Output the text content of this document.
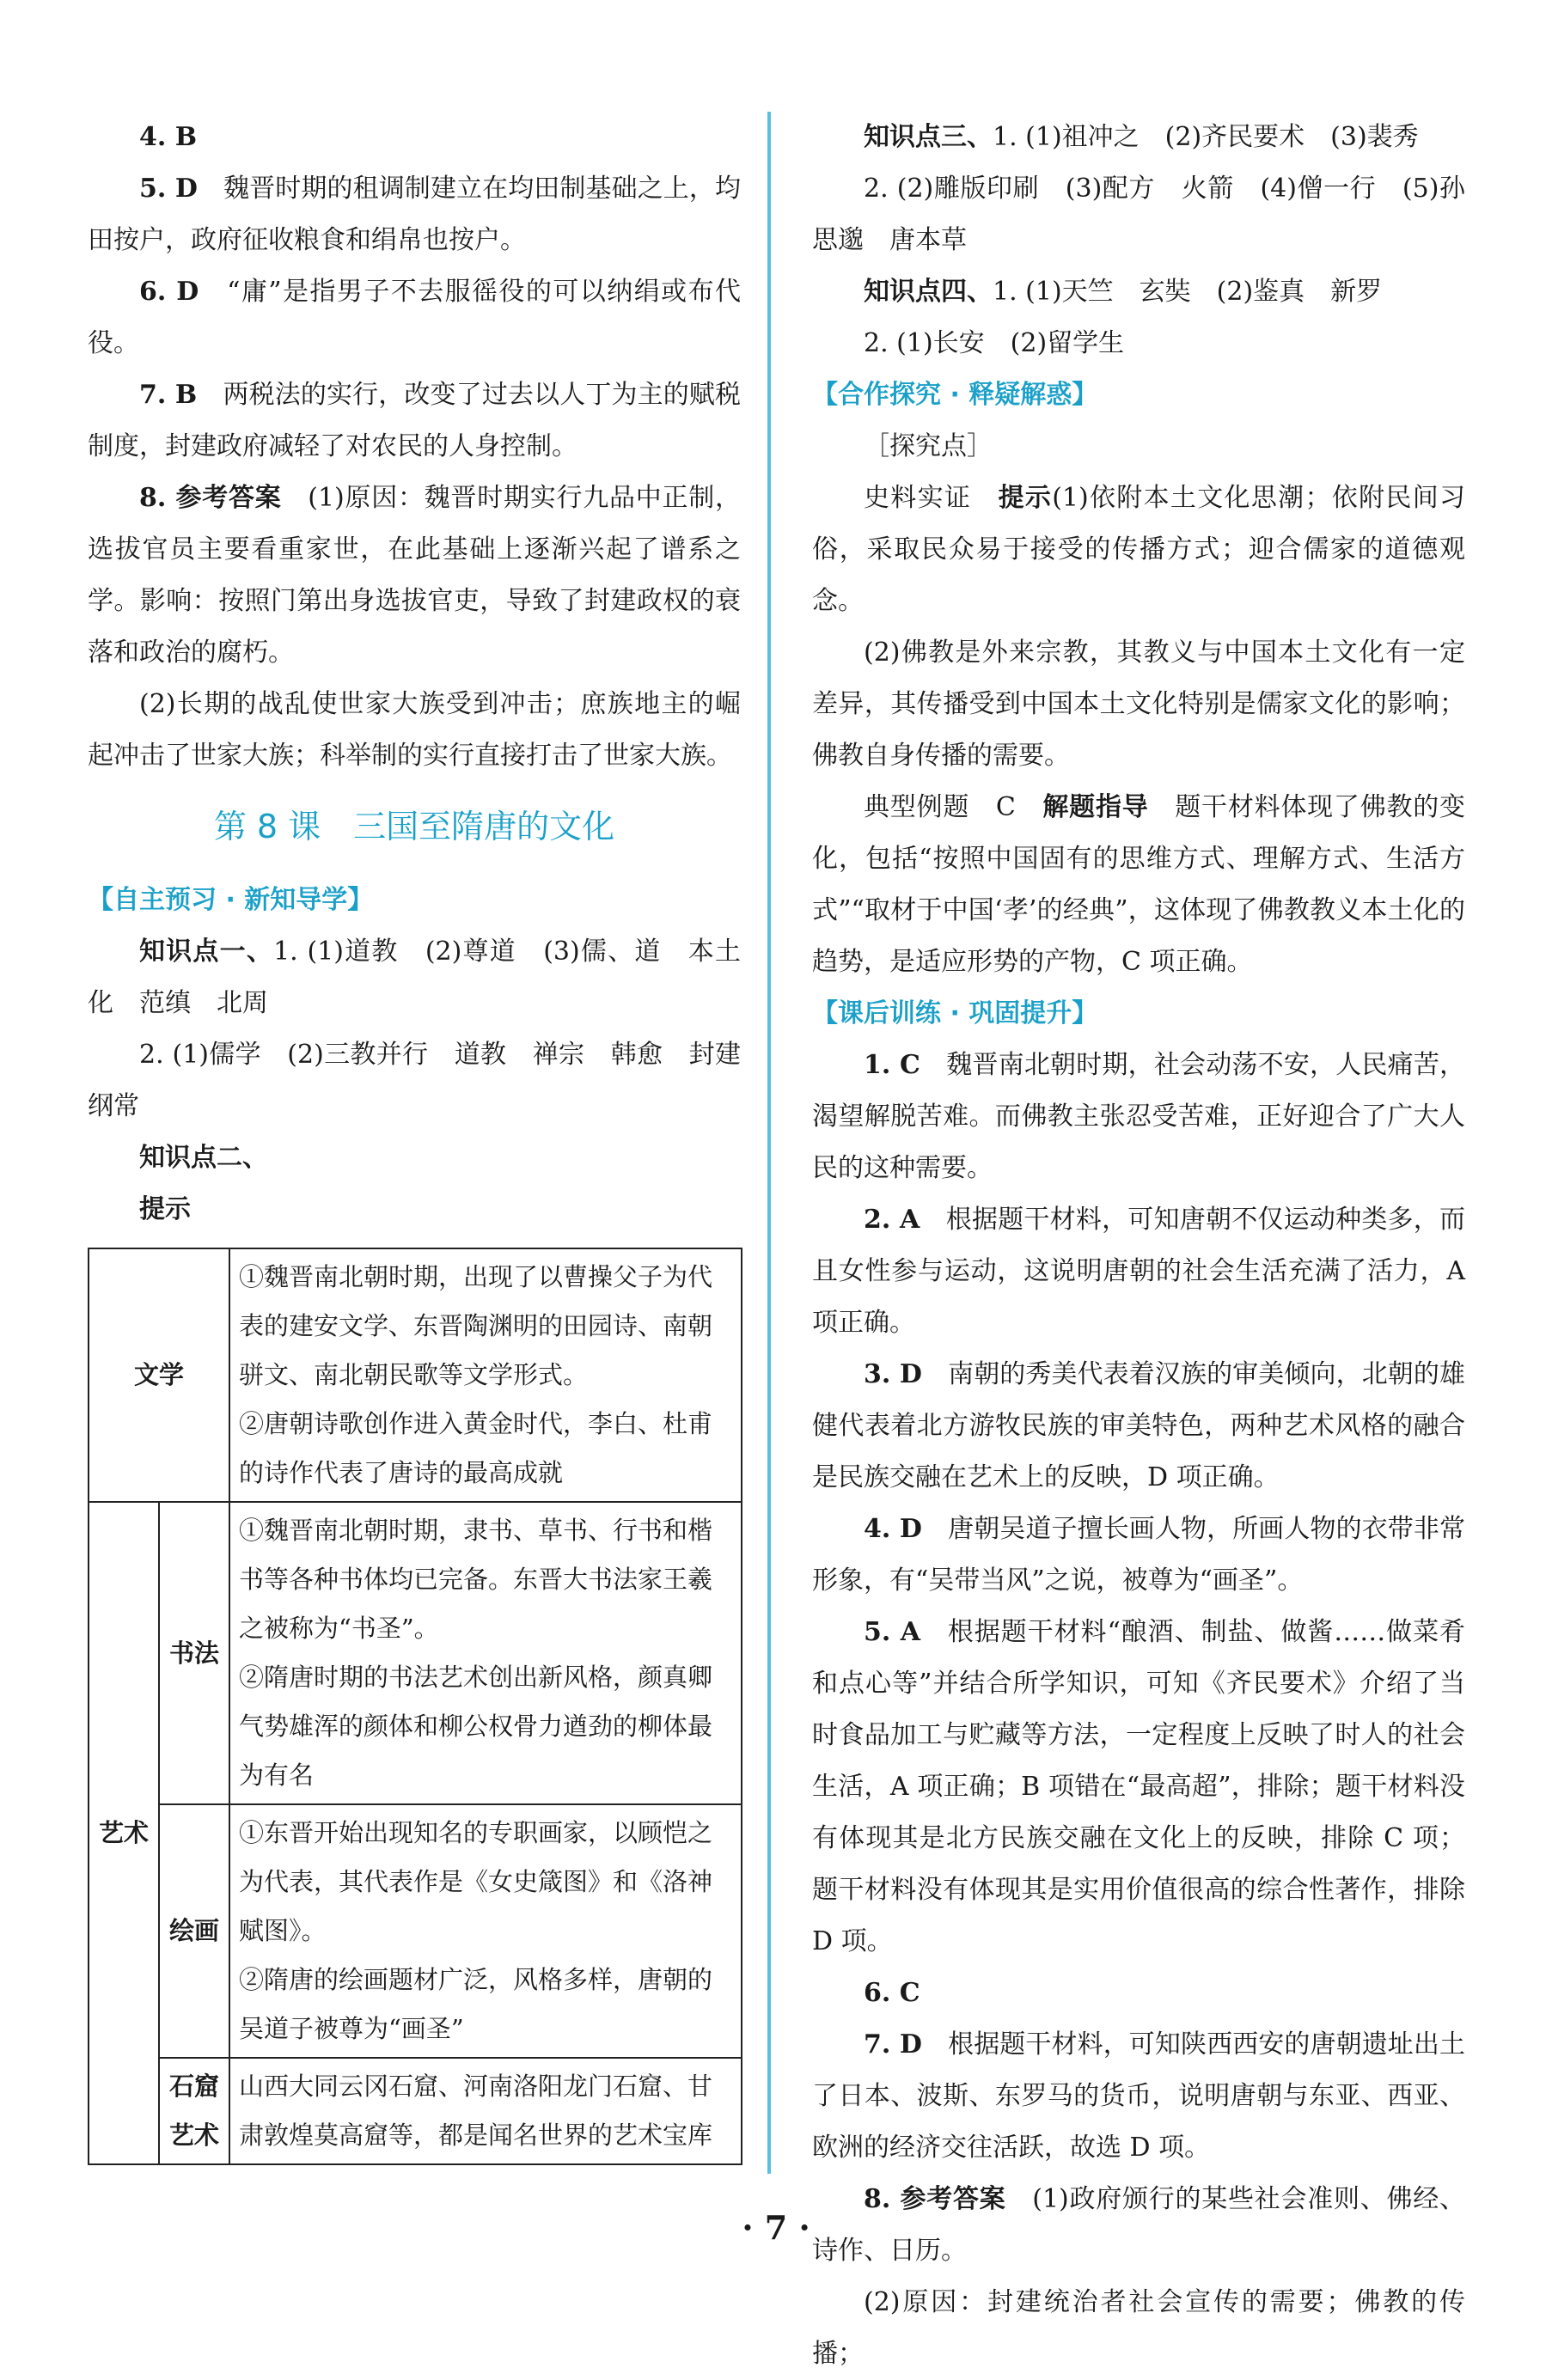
4. B

5. D　 魏晋时期的租调制建立在均田制基础之上，均田按户，政府征收粮食和绢帛也按户。

6. D　 “庸”是指男子不去服徭役的可以纳绢或布代役。

7. B　 两税法的实行，改变了过去以人丁为主的赋税制度，封建政府减轻了对农民的人身控制。

8. 参考答案　 (1)原因：魏晋时期实行九品中正制，选拔官员主要看重家世，在此基础上逐渐兴起了谱系之学。影响：按照门第出身选拔官吏，导致了封建政权的衰落和政治的腐朽。

(2)长期的战乱使世家大族受到冲击；庶族地主的崛起冲击了世家大族；科举制的实行直接打击了世家大族。

第 8 课　三国至隋唐的文化
【自主预习 · 新知导学】

知识点一、1. (1)道教　(2)尊道　(3)儒、道　本土化　范缜　北周

2. (1)儒学　(2)三教并行　道教　禅宗　韩愈　封建纲常

知识点二、

提示

文学		①魏晋南北朝时期，出现了以曹操父子为代表的建安文学、东晋陶渊明的田园诗、南朝骈文、南北朝民歌等文学形式。
②唐朝诗歌创作进入黄金时代，李白、杜甫的诗作代表了唐诗的最高成就

艺术	书法	①魏晋南北朝时期，隶书、草书、行书和楷书等各种书体均已完备。东晋大书法家王羲之被称为“书圣”。
②隋唐时期的书法艺术创出新风格，颜真卿气势雄浑的颜体和柳公权骨力遒劲的柳体最为有名

	绘画	①东晋开始出现知名的专职画家，以顾恺之为代表，其代表作是《女史箴图》和《洛神赋图》。
②隋唐的绘画题材广泛，风格多样，唐朝的吴道子被尊为“画圣”

	石窟艺术	山西大同云冈石窟、河南洛阳龙门石窟、甘肃敦煌莫高窟等，都是闻名世界的艺术宝库

知识点三、1. (1)祖冲之　(2)齐民要术　(3)裴秀

2. (2)雕版印刷　(3)配方　火箭　(4)僧一行　(5)孙思邈　唐本草

知识点四、1. (1)天竺　玄奘　(2)鉴真　新罗

2. (1)长安　(2)留学生

【合作探究 · 释疑解惑】

［探究点］

史料实证　 提示(1)依附本土文化思潮；依附民间习俗，采取民众易于接受的传播方式；迎合儒家的道德观念。

(2)佛教是外来宗教，其教义与中国本土文化有一定差异，其传播受到中国本土文化特别是儒家文化的影响；佛教自身传播的需要。

典型例题　C　 解题指导　 题干材料体现了佛教的变化，包括“按照中国固有的思维方式、理解方式、生活方式”“取材于中国‘孝’的经典”，这体现了佛教教义本土化的趋势，是适应形势的产物，C 项正确。

【课后训练 · 巩固提升】

1. C　 魏晋南北朝时期，社会动荡不安，人民痛苦，渴望解脱苦难。而佛教主张忍受苦难，正好迎合了广大人民的这种需要。

2. A　 根据题干材料，可知唐朝不仅运动种类多，而且女性参与运动，这说明唐朝的社会生活充满了活力，A 项正确。

3. D　 南朝的秀美代表着汉族的审美倾向，北朝的雄健代表着北方游牧民族的审美特色，两种艺术风格的融合是民族交融在艺术上的反映，D 项正确。

4. D　 唐朝吴道子擅长画人物，所画人物的衣带非常形象，有“吴带当风”之说，被尊为“画圣”。

5. A　 根据题干材料“酿酒、制盐、做酱……做菜肴和点心等”并结合所学知识，可知《齐民要术》介绍了当时食品加工与贮藏等方法，一定程度上反映了时人的社会生活，A 项正确；B 项错在“最高超”，排除；题干材料没有体现其是北方民族交融在文化上的反映，排除 C 项；题干材料没有体现其是实用价值很高的综合性著作，排除 D 项。

6. C

7. D　 根据题干材料，可知陕西西安的唐朝遗址出土了日本、波斯、东罗马的货币，说明唐朝与东亚、西亚、欧洲的经济交往活跃，故选 D 项。

8. 参考答案　 (1)政府颁行的某些社会准则、佛经、诗作、日历。

(2)原因：封建统治者社会宣传的需要；佛教的传播；

· 7 ·
